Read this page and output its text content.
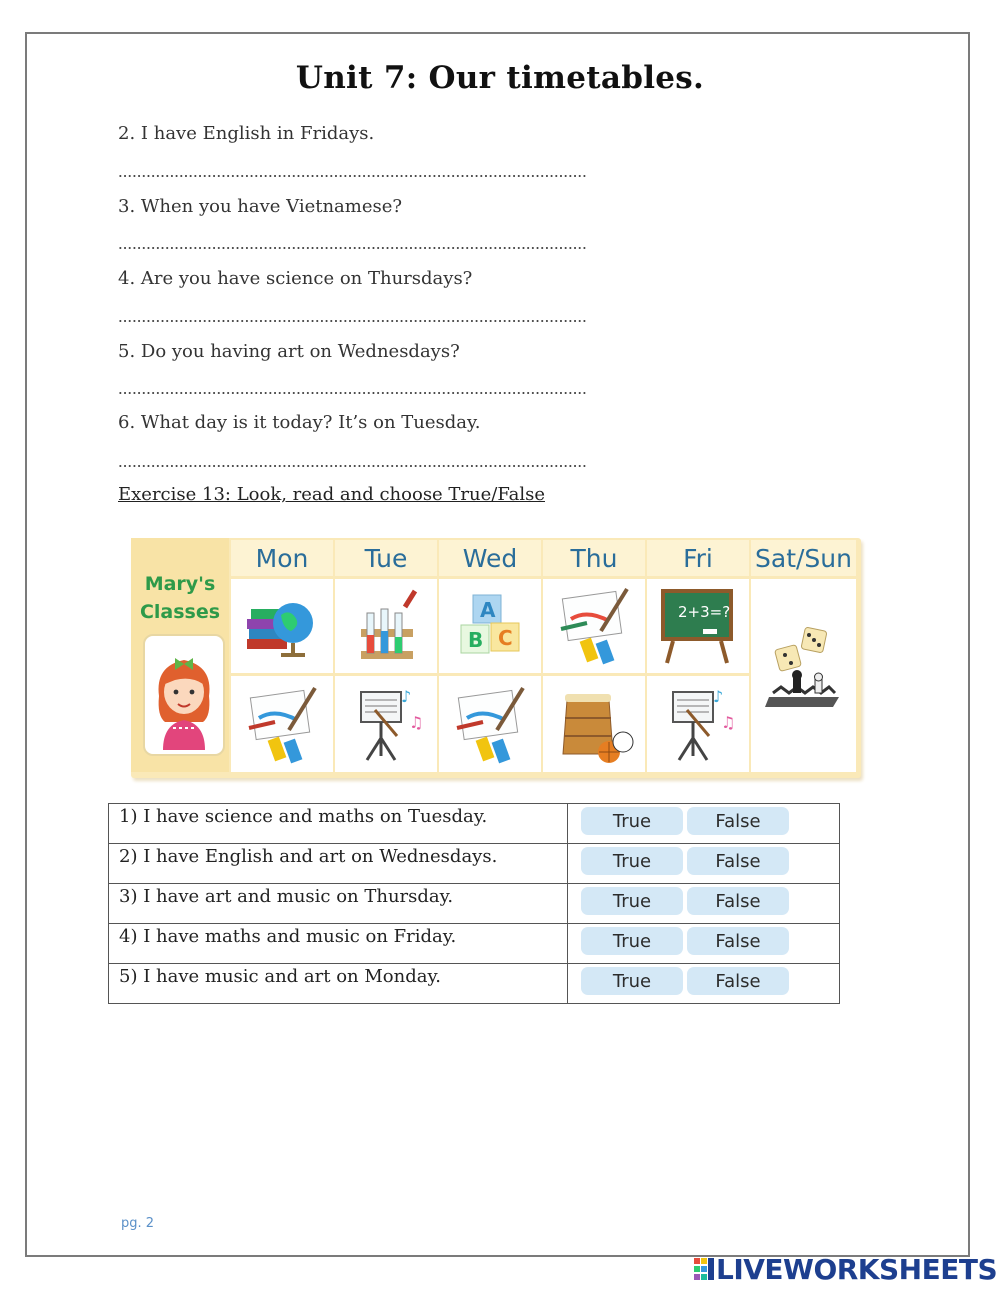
Unit 7: Our timetables.
2. I have English in Fridays.
3. When you have Vietnamese?
4. Are you have science on Thursdays?
5. Do you having art on Wednesdays?
6. What day is it today? It’s on Tuesday.
Exercise 13: Look, read and choose True/False
Mary's
Classes
Mon	Tue	Wed	Thu	Fri	Sat/Sun
A
B C
2+3=?
♪
♫
♪
♫
1) I have science and maths on Tuesday.	True False
2) I have English and art on Wednesdays.	True False
3) I have art and music on Thursday.	True False
4) I have maths and music on Friday.	True False
5) I have music and art on Monday.	True False
pg. 2
LIVEWORKSHEETS
